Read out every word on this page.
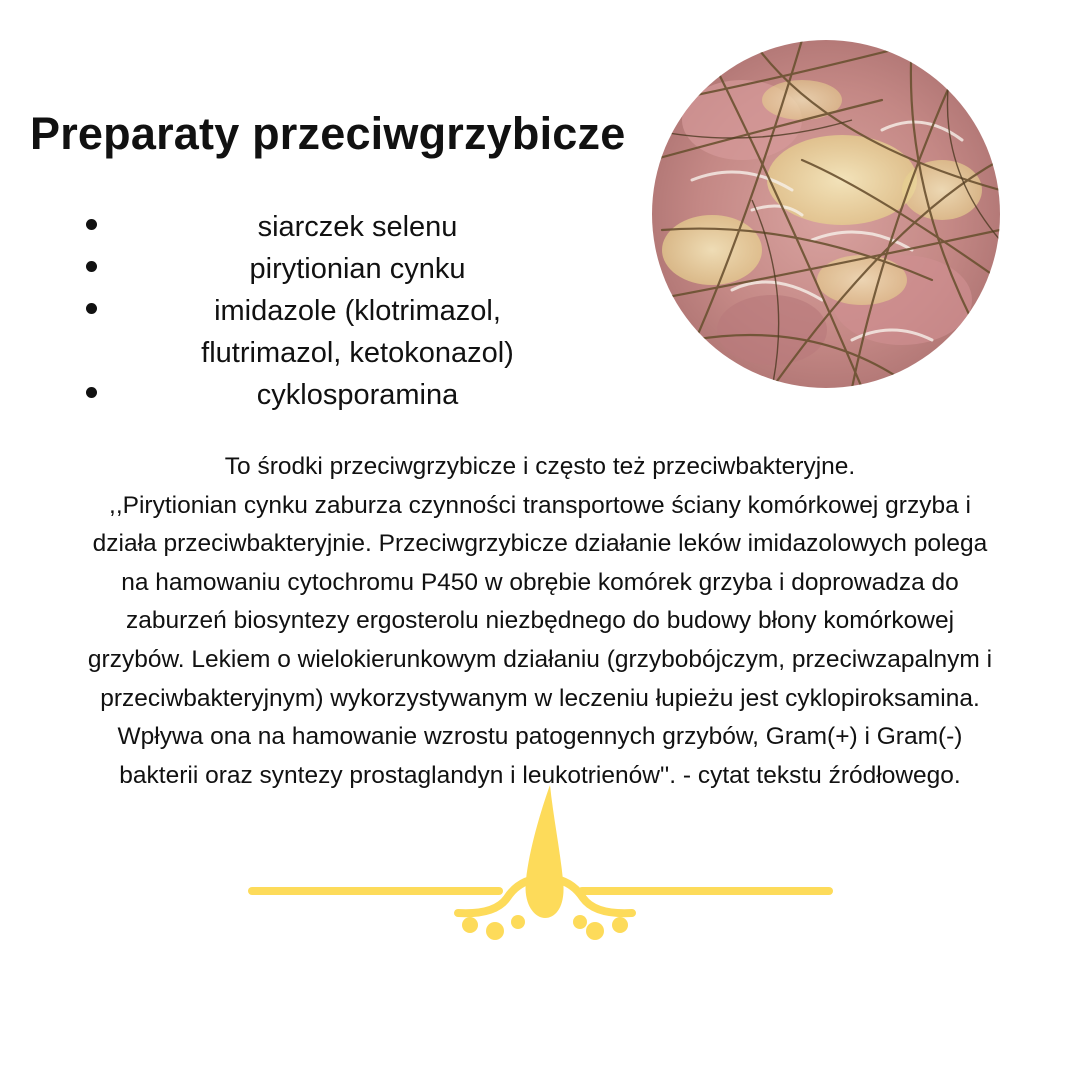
Preparaty przeciwgrzybicze
siarczek selenu
pirytionian cynku
imidazole (klotrimazol,
flutrimazol, ketokonazol)
cyklosporamina

To środki przeciwgrzybicze i często też przeciwbakteryjne.
,,Pirytionian cynku zaburza czynności transportowe ściany komórkowej grzyba i
działa przeciwbakteryjnie. Przeciwgrzybicze działanie leków imidazolowych polega
na hamowaniu cytochromu P450 w obrębie komórek grzyba i doprowadza do
zaburzeń biosyntezy ergosterolu niezbędnego do budowy błony komórkowej
grzybów. Lekiem o wielokierunkowym działaniu (grzybobójczym, przeciwzapalnym i
przeciwbakteryjnym) wykorzystywanym w leczeniu łupieżu jest cyklopiroksamina.
Wpływa ona na hamowanie wzrostu patogennych grzybów, Gram(+) i Gram(-)
bakterii oraz syntezy prostaglandyn i leukotrienów''. - cytat tekstu źródłowego.
